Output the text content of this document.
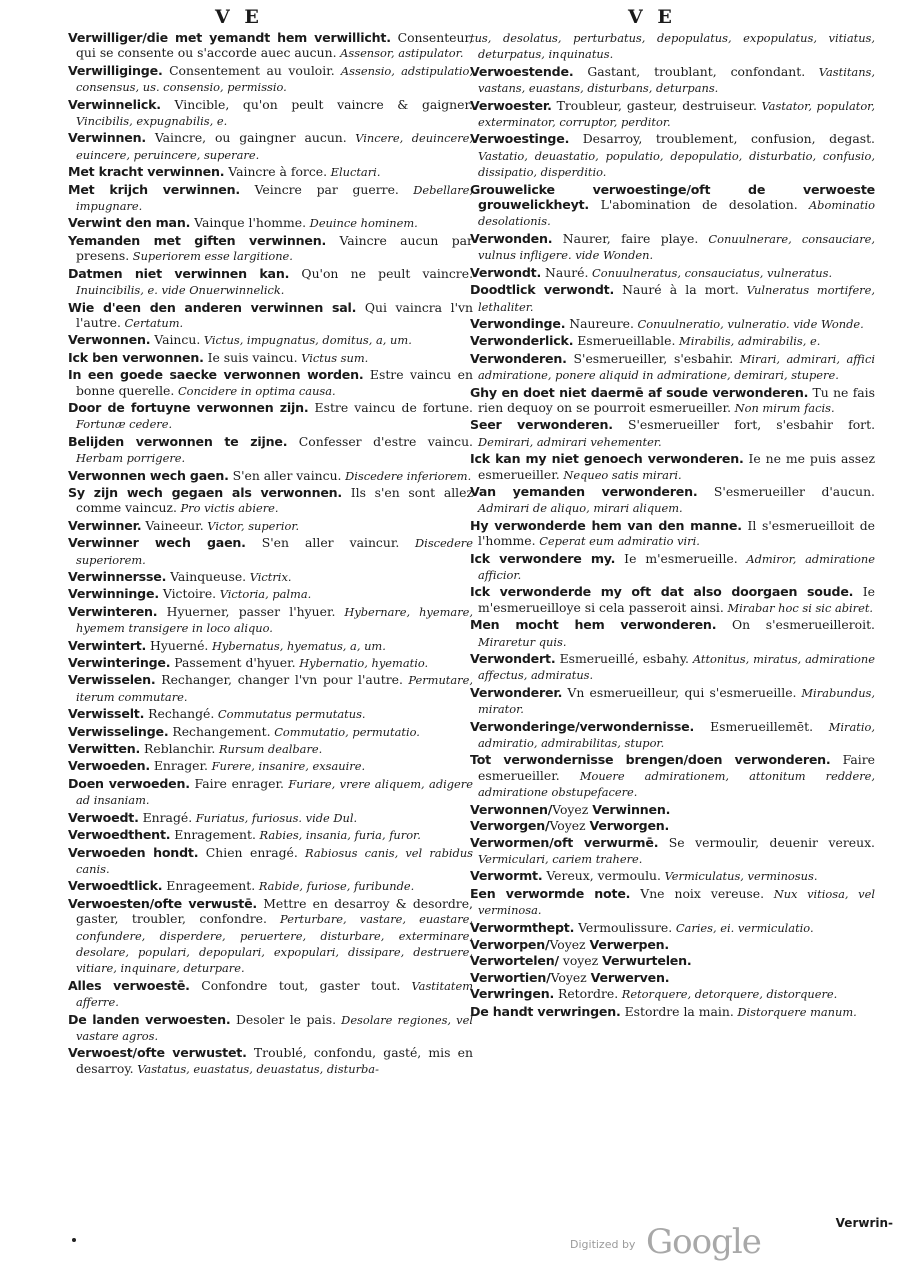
V E	V E
Verwilliger/die met yemandt hem verwillicht. Consenteur, qui se consente ou s'accorde auec aucun. Assensor, astipulator.
Verwilliginge. Consentement au vouloir. Assensio, adstipulatio, consensus, us. consensio, permissio.
Verwinnelick. Vincible, qu'on peult vaincre & gaigner. Vincibilis, expugnabilis, e.
Verwinnen. Vaincre, ou gaingner aucun. Vincere, deuincere, euincere, peruincere, superare.
Met kracht verwinnen. Vaincre à force. Eluctari.
Met krijch verwinnen. Veincre par guerre. Debellare, impugnare.
Verwint den man. Vainque l'homme. Deuince hominem.
Yemanden met giften verwinnen. Vaincre aucun par presens. Superiorem esse largitione.
Datmen niet verwinnen kan. Qu'on ne peult vaincre. Inuincibilis, e. vide Onuerwinnelick.
Wie d'een den anderen verwinnen sal. Qui vaincra l'vn l'autre. Certatum.
Verwonnen. Vaincu. Victus, impugnatus, domitus, a, um.
Ick ben verwonnen. Ie suis vaincu. Victus sum.
In een goede saecke verwonnen worden. Estre vaincu en bonne querelle. Concidere in optima causa.
Door de fortuyne verwonnen zijn. Estre vaincu de fortune. Fortunæ cedere.
Belijden verwonnen te zijne. Confesser d'estre vaincu. Herbam porrigere.
Verwonnen wech gaen. S'en aller vaincu. Discedere inferiorem.
Sy zijn wech gegaen als verwonnen. Ils s'en sont allez comme vaincuz. Pro victis abiere.
Verwinner. Vaineeur. Victor, superior.
Verwinner wech gaen. S'en aller vaincur. Discedere superiorem.
Verwinnersse. Vainqueuse. Victrix.
Verwinninge. Victoire. Victoria, palma.
Verwinteren. Hyuerner, passer l'hyuer. Hybernare, hyemare, hyemem transigere in loco aliquo.
Verwintert. Hyuerné. Hybernatus, hyematus, a, um.
Verwinteringe. Passement d'hyuer. Hybernatio, hyematio.
Verwisselen. Rechanger, changer l'vn pour l'autre. Permutare, iterum commutare.
Verwisselt. Rechangé. Commutatus permutatus.
Verwisselinge. Rechangement. Commutatio, permutatio.
Verwitten. Reblanchir. Rursum dealbare.
Verwoeden. Enrager. Furere, insanire, exsauire.
Doen verwoeden. Faire enrager. Furiare, vrere aliquem, adigere ad insaniam.
Verwoedt. Enragé. Furiatus, furiosus. vide Dul.
Verwoedthent. Enragement. Rabies, insania, furia, furor.
Verwoeden hondt. Chien enragé. Rabiosus canis, vel rabidus canis.
Verwoedtlick. Enrageement. Rabide, furiose, furibunde.
Verwoesten/ofte verwustē. Mettre en desarroy & desordre, gaster, troubler, confondre. Perturbare, vastare, euastare, confundere, disperdere, peruertere, disturbare, exterminare, desolare, populari, depopulari, expopulari, dissipare, destruere, vitiare, inquinare, deturpare.
Alles verwoestē. Confondre tout, gaster tout. Vastitatem afferre.
De landen verwoesten. Desoler le pais. Desolare regiones, vel vastare agros.
Verwoest/ofte verwustet. Troublé, confondu, gasté, mis en desarroy. Vastatus, euastatus, deuastatus, disturba-
tus, desolatus, perturbatus, depopulatus, expopulatus, vitiatus, deturpatus, inquinatus.
Verwoestende. Gastant, troublant, confondant. Vastitans, vastans, euastans, disturbans, deturpans.
Verwoester. Troubleur, gasteur, destruiseur. Vastator, populator, exterminator, corruptor, perditor.
Verwoestinge. Desarroy, troublement, confusion, degast. Vastatio, deuastatio, populatio, depopulatio, disturbatio, confusio, dissipatio, disperditio.
Grouwelicke verwoestinge/oft de verwoeste grouwelickheyt. L'abomination de desolation. Abominatio desolationis.
Verwonden. Naurer, faire playe. Conuulnerare, consauciare, vulnus infligere. vide Wonden.
Verwondt. Nauré. Conuulneratus, consauciatus, vulneratus.
Doodtlick verwondt. Nauré à la mort. Vulneratus mortifere, lethaliter.
Verwondinge. Naureure. Conuulneratio, vulneratio. vide Wonde.
Verwonderlick. Esmerueillable. Mirabilis, admirabilis, e.
Verwonderen. S'esmerueiller, s'esbahir. Mirari, admirari, affici admiratione, ponere aliquid in admiratione, demirari, stupere.
Ghy en doet niet daermē af soude verwonderen. Tu ne fais rien dequoy on se pourroit esmerueiller. Non mirum facis.
Seer verwonderen. S'esmerueiller fort, s'esbahir fort. Demirari, admirari vehementer.
Ick kan my niet genoech verwonderen. Ie ne me puis assez esmerueiller. Nequeo satis mirari.
Van yemanden verwonderen. S'esmerueiller d'aucun. Admirari de aliquo, mirari aliquem.
Hy verwonderde hem van den manne. Il s'esmerueilloit de l'homme. Ceperat eum admiratio viri.
Ick verwondere my. Ie m'esmerueille. Admiror, admiratione afficior.
Ick verwonderde my oft dat also doorgaen soude. Ie m'esmerueilloye si cela passeroit ainsi. Mirabar hoc si sic abiret.
Men mocht hem verwonderen. On s'esmerueilleroit. Miraretur quis.
Verwondert. Esmerueillé, esbahy. Attonitus, miratus, admiratione affectus, admiratus.
Verwonderer. Vn esmerueilleur, qui s'esmerueille. Mirabundus, mirator.
Verwonderinge/verwondernisse. Esmerueillemēt. Miratio, admiratio, admirabilitas, stupor.
Tot verwondernisse brengen/doen verwonderen. Faire esmerueiller. Mouere admirationem, attonitum reddere, admiratione obstupefacere.
Verwonnen/Voyez Verwinnen.
Verworgen/Voyez Verworgen.
Verwormen/oft verwurmē. Se vermoulir, deuenir vereux. Vermiculari, cariem trahere.
Verwormt. Vereux, vermoulu. Vermiculatus, verminosus.
Een verwormde note. Vne noix vereuse. Nux vitiosa, vel verminosa.
Verwormthept. Vermoulissure. Caries, ei. vermiculatio.
Verworpen/Voyez Verwerpen.
Verwortelen/ voyez Verwurtelen.
Verwortien/Voyez Verwerven.
Verwringen. Retordre. Retorquere, detorquere, distorquere.
De handt verwringen. Estordre la main. Distorquere manum.
Verwrin-
Digitized by Google
